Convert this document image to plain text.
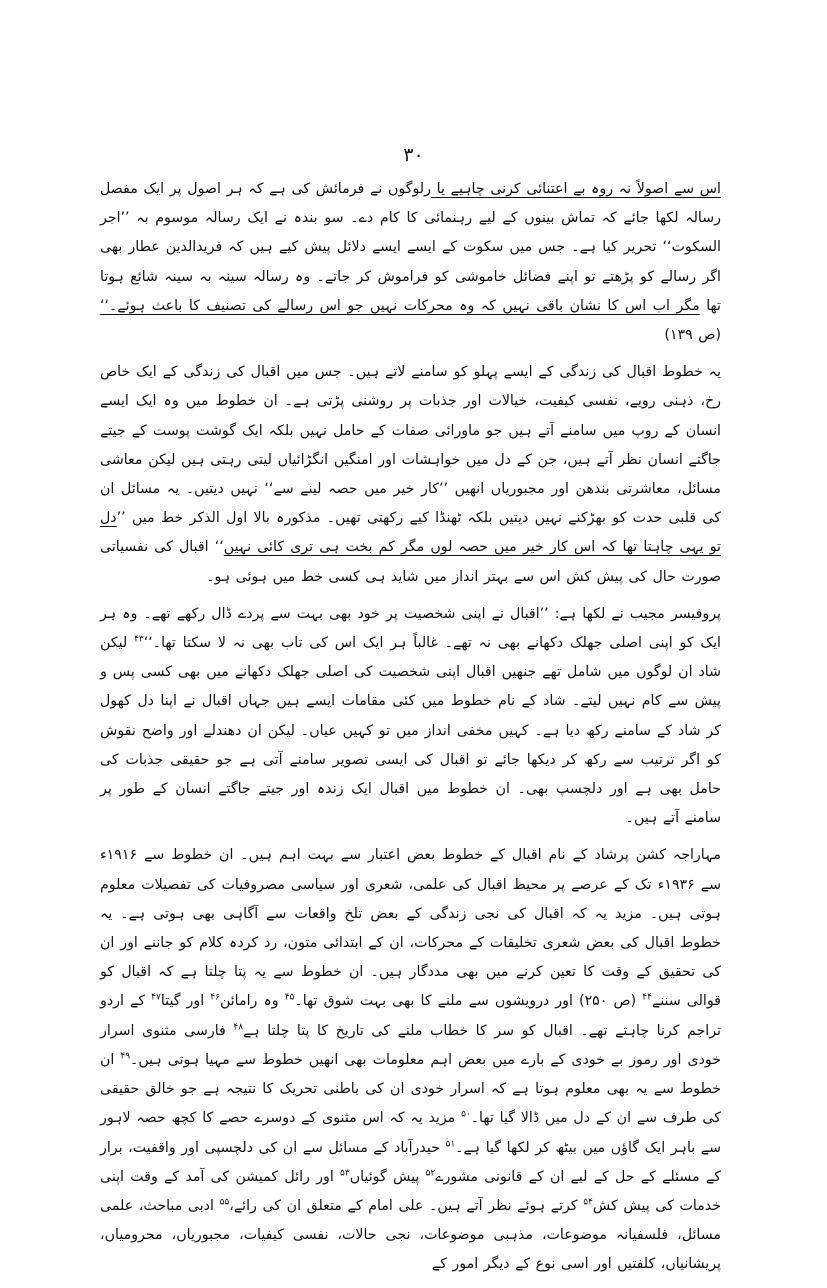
۳۰

اس سے اصولاً نہ روہ بے اعتنائی کرنی چاہیے یا رلوگوں نے فرمائش کی ہے کہ ہر اصول پر ایک مفصل رسالہ لکھا جائے کہ تماش بینوں کے لیے رہنمائی کا کام دے۔ سو بندہ نے ایک رسالہ موسوم بہ ’’اجر السکوت‘‘ تحریر کیا ہے۔ جس میں سکوت کے ایسے ایسے دلائل پیش کیے ہیں کہ فریدالدین عطار بھی اگر رسالے کو پڑھتے تو اپنے فضائل خاموشی کو فراموش کر جاتے۔ وہ رسالہ سینہ بہ سینہ شائع ہوتا تھا مگر اب اس کا نشان باقی نہیں کہ وہ محرکات نہیں جو اس رسالے کی تصنیف کا باعث ہوئے۔‘‘ (ص ۱۳۹)

یہ خطوط اقبال کی زندگی کے ایسے پہلو کو سامنے لاتے ہیں۔ جس میں اقبال کی زندگی کے ایک خاص رخ، ذہنی رویے، نفسی کیفیت، خیالات اور جذبات پر روشنی پڑتی ہے۔ ان خطوط میں وہ ایک ایسے انسان کے روپ میں سامنے آتے ہیں جو ماورائی صفات کے حامل نہیں بلکہ ایک گوشت پوست کے جیتے جاگتے انسان نظر آتے ہیں، جن کے دل میں خواہشات اور امنگیں انگڑائیاں لیتی رہتی ہیں لیکن معاشی مسائل، معاشرتی بندھن اور مجبوریاں انھیں ’’کار خیر میں حصہ لینے سے‘‘ نہیں دیتیں۔ یہ مسائل ان کی قلبی حدت کو بھڑکنے نہیں دیتیں بلکہ ٹھنڈا کیے رکھتی تھیں۔ مذکورہ بالا اول الذکر خط میں ’’دل تو یہی چاہتا تھا کہ اس کار خیر میں حصہ لوں مگر کم بخت ہی تری کائی نہیں‘‘ اقبال کی نفسیاتی صورت حال کی پیش کش اس سے بہتر انداز میں شاید ہی کسی خط میں ہوئی ہو۔

پروفیسر مجیب نے لکھا ہے: ’’اقبال نے اپنی شخصیت پر خود بھی بہت سے پردے ڈال رکھے تھے۔ وہ ہر ایک کو اپنی اصلی جھلک دکھانے بھی نہ تھے۔ غالباً ہر ایک اس کی تاب بھی نہ لا سکتا تھا۔‘‘$^{۴۳}$ لیکن شاد ان لوگوں میں شامل تھے جنھیں اقبال اپنی شخصیت کی اصلی جھلک دکھانے میں بھی کسی پس و پیش سے کام نہیں لیتے۔ شاد کے نام خطوط میں کئی مقامات ایسے ہیں جہاں اقبال نے اپنا دل کھول کر شاد کے سامنے رکھ دیا ہے۔ کہیں مخفی انداز میں تو کہیں عیاں۔ لیکن ان دھندلے اور واضح نقوش کو اگر ترتیب سے رکھ کر دیکھا جائے تو اقبال کی ایسی تصویر سامنے آتی ہے جو حقیقی جذبات کی حامل بھی ہے اور دلچسپ بھی۔ ان خطوط میں اقبال ایک زندہ اور جیتے جاگتے انسان کے طور پر سامنے آتے ہیں۔

مہاراجہ کشن پرشاد کے نام اقبال کے خطوط بعض اعتبار سے بہت اہم ہیں۔ ان خطوط سے ۱۹۱۶ء سے ۱۹۳۶ء تک کے عرصے پر محیط اقبال کی علمی، شعری اور سیاسی مصروفیات کی تفصیلات معلوم ہوتی ہیں۔ مزید یہ کہ اقبال کی نجی زندگی کے بعض تلخ واقعات سے آگاہی بھی ہوتی ہے۔ یہ خطوط اقبال کی بعض شعری تخلیقات کے محرکات، ان کے ابتدائی متون، رد کردہ کلام کو جاننے اور ان کی تحقیق کے وقت کا تعین کرنے میں بھی مددگار ہیں۔ ان خطوط سے یہ پتا چلتا ہے کہ اقبال کو قوالی سننے$^{۴۴}$ (ص ۲۵۰) اور درویشوں سے ملنے کا بھی بہت شوق تھا۔$^{۴۵}$ وہ رامائن$^{۴۶}$ اور گیتا$^{۴۷}$ کے اردو تراجم کرنا چاہتے تھے۔ اقبال کو سر کا خطاب ملنے کی تاریخ کا پتا چلتا ہے$^{۴۸}$ فارسی مثنوی اسرار خودی اور رموز بے خودی کے بارے میں بعض اہم معلومات بھی انھیں خطوط سے مہیا ہوتی ہیں۔$^{۴۹}$ ان خطوط سے یہ بھی معلوم ہوتا ہے کہ اسرار خودی ان کی باطنی تحریک کا نتیجہ ہے جو خالق حقیقی کی طرف سے ان کے دل میں ڈالا گیا تھا۔$^{۵۰}$ مزید یہ کہ اس مثنوی کے دوسرے حصے کا کچھ حصہ لاہور سے باہر ایک گاؤں میں بیٹھ کر لکھا گیا ہے۔$^{۵۱}$ حیدرآباد کے مسائل سے ان کی دلچسپی اور واقفیت، برار کے مسئلے کے حل کے لیے ان کے قانونی مشورے$^{۵۲}$ پیش گوئیاں$^{۵۳}$ اور رائل کمیشن کی آمد کے وقت اپنی خدمات کی پیش کش$^{۵۴}$ کرتے ہوئے نظر آتے ہیں۔ علی امام کے متعلق ان کی رائے،$^{۵۵}$ ادبی مباحث، علمی مسائل، فلسفیانہ موضوعات، مذہبی موضوعات، نجی حالات، نفسی کیفیات، مجبوریاں، محرومیاں، پریشانیاں، کلفتیں اور اسی نوع کے دیگر امور کے
